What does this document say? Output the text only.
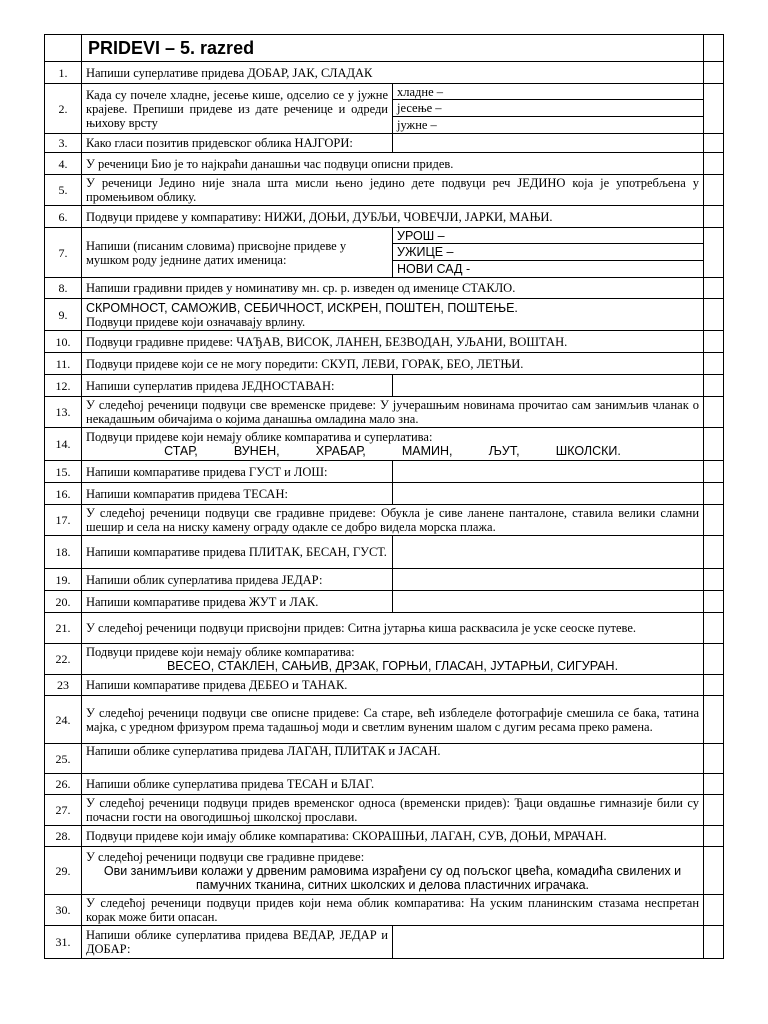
	PRIDEVI – 5. razred	
1.	Напиши суперлативе придева ДОБАР, ЈАК, СЛАДАК	
2.	Када су почеле хладне, јесење кише, одселио се у јужне крајеве. Препиши придеве из дате реченице и одреди њихову врсту	
хладне –
јесење –
јужне –

3.	Како гласи позитив придевског облика НАЈГОРИ:		
4.	У реченици Био је то најкраћи данашњи час подвуци описни придев.	
5.	У реченици Једино није знала шта мисли њено једино дете подвуци реч ЈЕДИНО која је употребљена у промењивом облику.	
6.	Подвуци придеве у компаративу: НИЖИ, ДОЊИ, ДУБЉИ, ЧОВЕЧЈИ, ЈАРКИ, МАЊИ.	
7.	Напиши (писаним словима) присвојне придеве у мушком роду једнине датих именица:	
УРОШ –
УЖИЦЕ –
НОВИ САД -

8.	Напиши градивни придев у номинативу мн. ср. р. изведен од именице СТАКЛО.	
9.	СКРОМНОСТ, САМОЖИВ, СЕБИЧНОСТ, ИСКРЕН, ПОШТЕН, ПОШТЕЊЕ.
Подвуци придеве који означавају врлину.

10.	Подвуци градивне придеве: ЧАЂАВ, ВИСОК, ЛАНЕН, БЕЗВОДАН, УЉАНИ, ВОШТАН.	
11.	Подвуци придеве који се не могу поредити: СКУП, ЛЕВИ, ГОРАК, БЕО, ЛЕТЊИ.	
12.	Напиши суперлатив придева ЈЕДНОСТАВАН:		
13.	У следећој реченици подвуци све временске придеве: У јучерашњим новинама прочитао сам занимљив чланак о некадашњим обичајима о којима данашња омладина мало зна.	
14.	Подвуци придеве који немају облике компаратива и суперлатива:
СТАР,	ВУНЕН,	ХРАБАР,	МАМИН,	ЉУТ,	ШКОЛСКИ.

15.	Напиши компаративе придева ГУСТ и ЛОШ:		
16.	Напиши компаратив придева ТЕСАН:		
17.	У следећој реченици подвуци све градивне придеве: Обукла је сиве ланене панталоне, ставила велики сламни шешир и села на ниску камену ограду одакле се добро видела морска плажа.	
18.	Напиши компаративе придева ПЛИТАК, БЕСАН, ГУСТ.		
19.	Напиши облик суперлатива придева ЈЕДАР:		
20.	Напиши компаративе придева ЖУТ и ЛАК.		
21.	У следећој реченици подвуци присвојни придев: Ситна јутарња киша расквасила је уске сеоске путеве.	
22.	Подвуци придеве који немају облике компаратива:
ВЕСЕО, СТАКЛЕН, САЊИВ, ДРЗАК, ГОРЊИ, ГЛАСАН, ЈУТАРЊИ, СИГУРАН.

23	Напиши компаративе придева ДЕБЕО и ТАНАК.	
24.	У следећој реченици подвуци све описне придеве: Са старе, већ избледеле фотографије смешила се бака, татина мајка, с уредном фризуром према тадашњој моди и светлим вуненим шалом с дугим ресама преко рамена.	
25.	Напиши облике суперлатива придева ЛАГАН, ПЛИТАК и ЈАСАН.	
26.	Напиши облике суперлатива придева ТЕСАН и БЛАГ.	
27.	У следећој реченици подвуци придев временског односа (временски придев): Ђаци овдашње гимназије били су почасни гости на овогодишњој школској прослави.	
28.	Подвуци придеве који имају облике компаратива: СКОРАШЊИ, ЛАГАН, СУВ, ДОЊИ, МРАЧАН.	
29.	
У следећој реченици подвуци све градивне придеве:
Ови занимљиви колажи у дрвеним рамовима израђени су од пољског цвећа, комадића свилених и памучних тканина, ситних школских и делова пластичних играчака.

30.	У следећој реченици подвуци придев који нема облик компаратива: На уским планинским стазама неспретан корак може бити опасан.	
31.	Напиши облике суперлатива придева ВЕДАР, ЈЕДАР и ДОБАР:		
